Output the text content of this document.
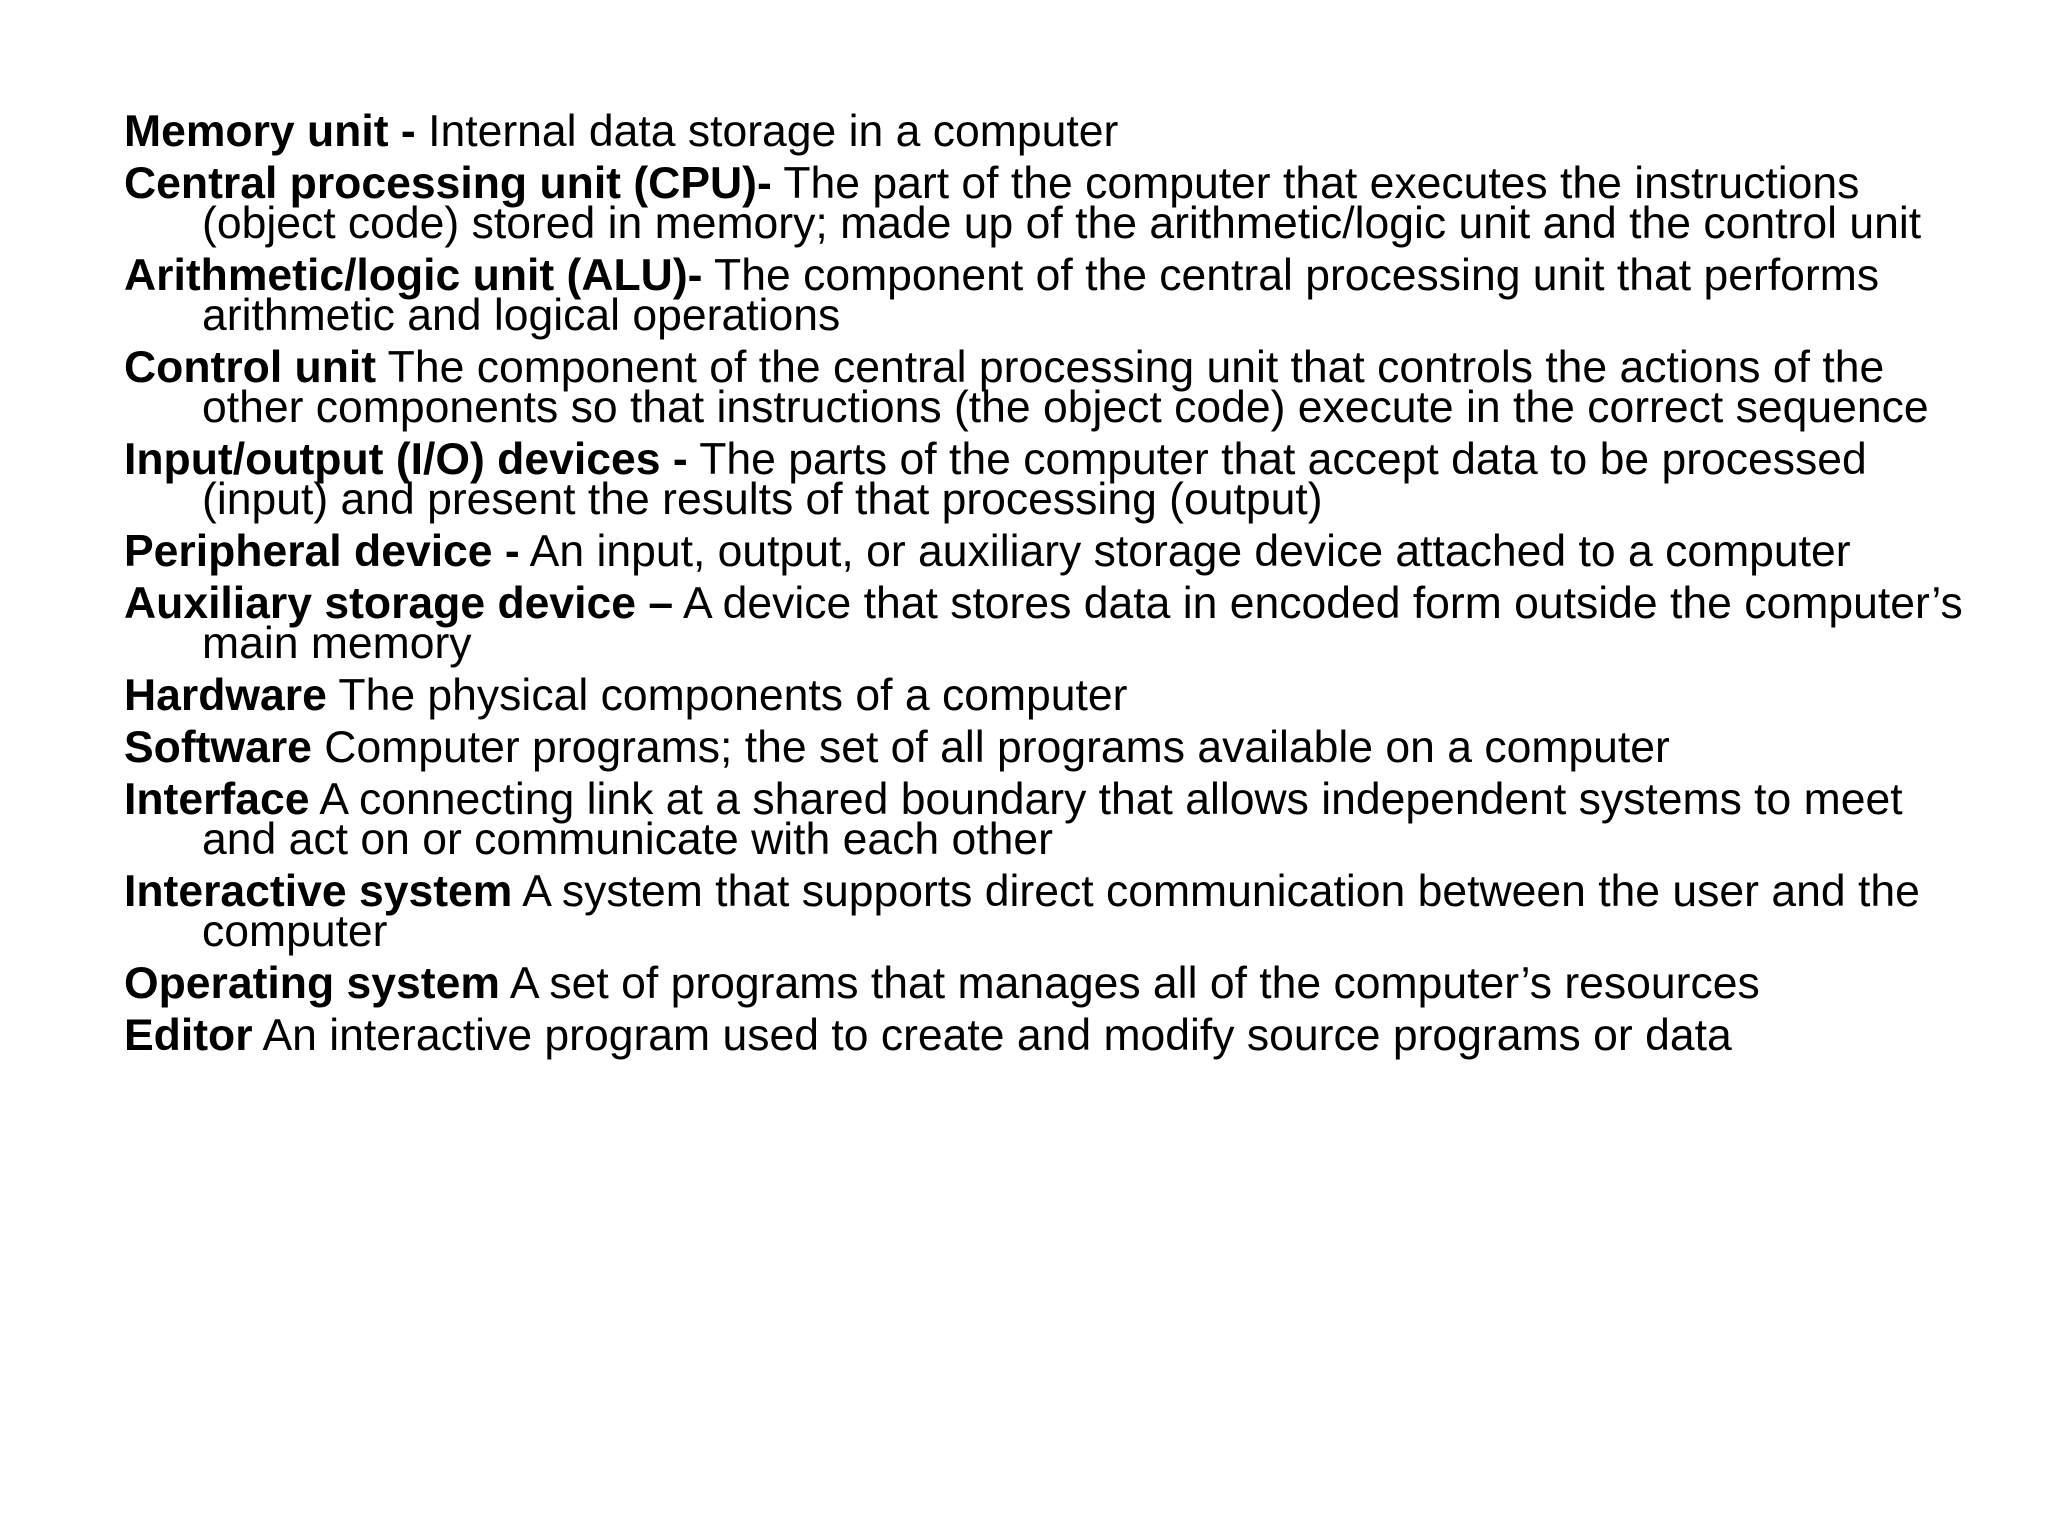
Memory unit - Internal data storage in a computer
Central processing unit (CPU)- The part of the computer that executes the instructions (object code) stored in memory; made up of the arithmetic/logic unit and the control unit
Arithmetic/logic unit (ALU)- The component of the central processing unit that performs arithmetic and logical operations
Control unit The component of the central processing unit that controls the actions of the other components so that instructions (the object code) execute in the correct sequence
Input/output (I/O) devices - The parts of the computer that accept data to be processed (input) and present the results of that processing (output)
Peripheral device - An input, output, or auxiliary storage device attached to a computer
Auxiliary storage device – A device that stores data in encoded form outside the computer’s main memory
Hardware The physical components of a computer
Software Computer programs; the set of all programs available on a computer
Interface A connecting link at a shared boundary that allows independent systems to meet and act on or communicate with each other
Interactive system A system that supports direct communication between the user and the computer
Operating system A set of programs that manages all of the computer’s resources
Editor An interactive program used to create and modify source programs or data
